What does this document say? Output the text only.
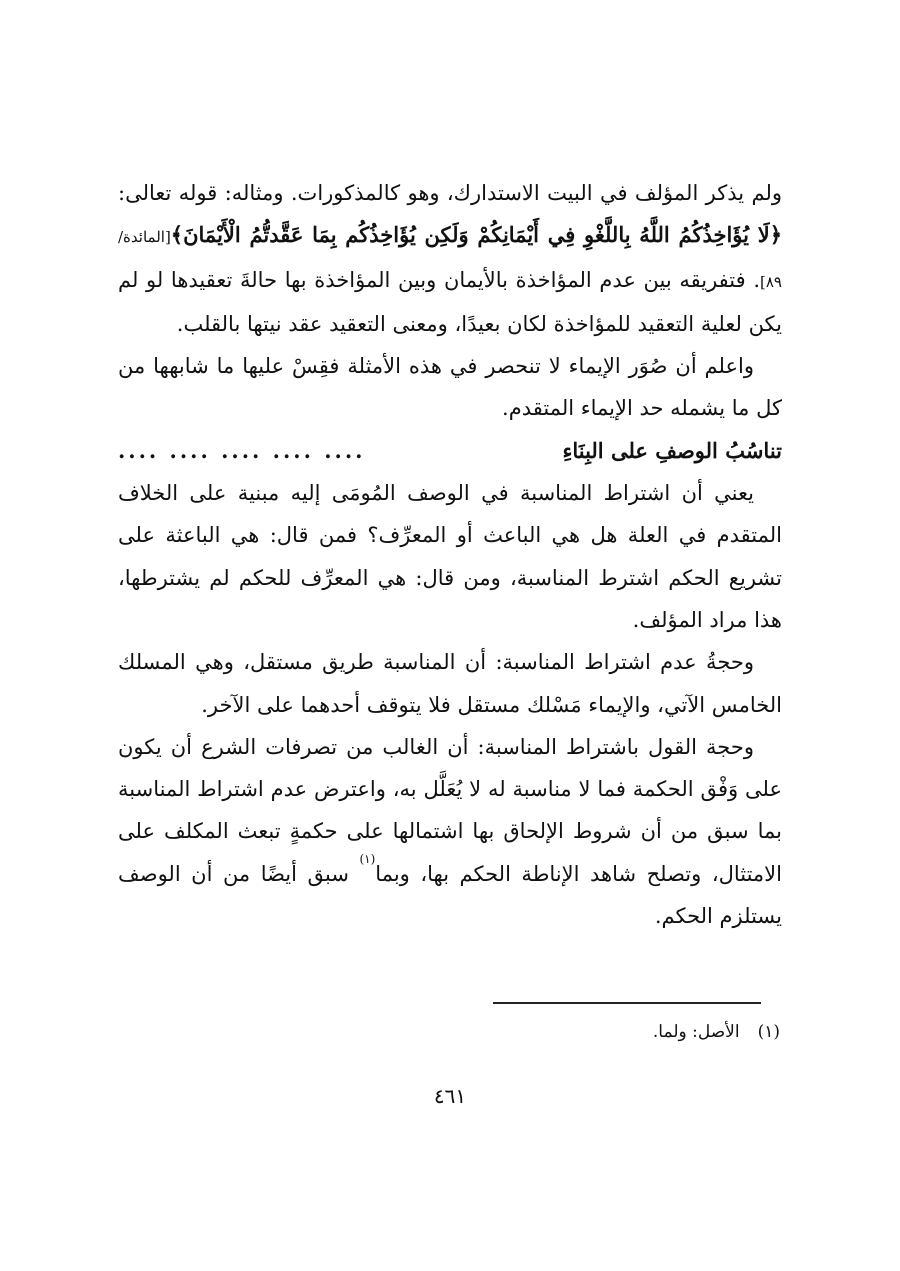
ولم يذكر المؤلف في البيت الاستدارك، وهو كالمذكورات. ومثاله: قوله تعالى: ﴿لَا يُؤَاخِذُكُمُ اللَّهُ بِاللَّغْوِ فِي أَيْمَانِكُمْ وَلَكِن يُؤَاخِذُكُم بِمَا عَقَّدتُّمُ الْأَيْمَانَ﴾[المائدة/ ٨٩]. فتفريقه بين عدم المؤاخذة بالأيمان وبين المؤاخذة بها حالةَ تعقيدها لو لم يكن لعلية التعقيد للمؤاخذة لكان بعيدًا، ومعنى التعقيد عقد نيتها بالقلب.

واعلم أن صُوَر الإيماء لا تنحصر في هذه الأمثلة فقِسْ عليها ما شابهها من كل ما يشمله حد الإيماء المتقدم.

تناسُبُ الوصفِ على البِنَاءِ
.... .... .... .... ....

يعني أن اشتراط المناسبة في الوصف المُومَى إليه مبنية على الخلاف المتقدم في العلة هل هي الباعث أو المعرِّف؟ فمن قال: هي الباعثة على تشريع الحكم اشترط المناسبة، ومن قال: هي المعرِّف للحكم لم يشترطها، هذا مراد المؤلف.

وحجةُ عدم اشتراط المناسبة: أن المناسبة طريق مستقل، وهي المسلك الخامس الآتي، والإيماء مَسْلك مستقل فلا يتوقف أحدهما على الآخر.

وحجة القول باشتراط المناسبة: أن الغالب من تصرفات الشرع أن يكون على وَفْق الحكمة فما لا مناسبة له لا يُعَلَّل به، واعترض عدم اشتراط المناسبة بما سبق من أن شروط الإلحاق بها اشتمالها على حكمةٍ تبعث المكلف على الامتثال، وتصلح شاهد الإناطة الحكم بها، وبما$^{(١)}$ سبق أيضًا من أن الوصف يستلزم الحكم.

(١)الأصل: ولما.
٤٦١
